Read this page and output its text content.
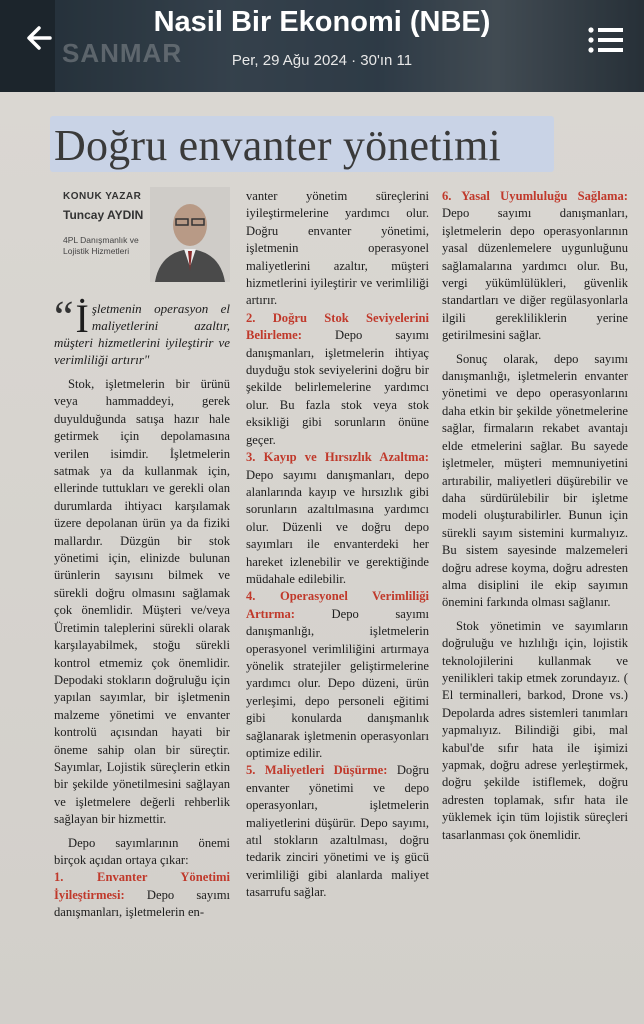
SANMAR
Nasil Bir Ekonomi (NBE)
Per, 29 Ağu 2024 · 30'ın 11
Doğru envanter yönetimi
KONUK YAZAR
Tuncay AYDIN
4PL Danışmanlık ve Lojistik Hizmetleri
“ İ şletmenin operasyon el maliyetlerini azaltır, müşteri hizmetlerini iyileştirir ve verimliliği artırır"

Stok, işletmelerin bir ürünü veya hammaddeyi, gerek duyulduğunda satışa hazır hale getirmek için depolamasına verilen isimdir. İşletmelerin satmak ya da kullanmak için, ellerinde tuttukları ve gerekli olan durumlarda ihtiyacı karşılamak üzere depolanan ürün ya da fiziki mallardır. Düzgün bir stok yönetimi için, elinizde bulunan ürünlerin sayısını bilmek ve sürekli doğru olmasını sağlamak çok önemlidir. Müşteri ve/veya Üretimin taleplerini sürekli olarak karşılayabilmek, stoğu sürekli kontrol etmemiz çok önemlidir. Depodaki stokların doğruluğu için yapılan sayımlar, bir işletmenin malzeme yönetimi ve envanter kontrolü açısından hayati bir öneme sahip olan bir süreçtir. Sayımlar, Lojistik süreçlerin etkin bir şekilde yönetilmesini sağlayan ve işletmelere değerli rehberlik sağlayan bir hizmettir.

Depo sayımlarının önemi birçok açıdan ortaya çıkar:

1. Envanter Yönetimi İyileştirmesi: Depo sayımı danışmanları, işletmelerin en-

vanter yönetim süreçlerini iyileştirmelerine yardımcı olur. Doğru envanter yönetimi, işletmenin operasyonel maliyetlerini azaltır, müşteri hizmetlerini iyileştirir ve verimliliği artırır.

2. Doğru Stok Seviyelerini Belirleme: Depo sayımı danışmanları, işletmelerin ihtiyaç duyduğu stok seviyelerini doğru bir şekilde belirlemelerine yardımcı olur. Bu fazla stok veya stok eksikliği gibi sorunların önüne geçer.

3. Kayıp ve Hırsızlık Azaltma: Depo sayımı danışmanları, depo alanlarında kayıp ve hırsızlık gibi sorunların azaltılmasına yardımcı olur. Düzenli ve doğru depo sayımları ile envanterdeki her hareket izlenebilir ve gerektiğinde müdahale edilebilir.

4. Operasyonel Verimliliği Artırma: Depo sayımı danışmanlığı, işletmelerin operasyonel verimliliğini artırmaya yönelik stratejiler geliştirmelerine yardımcı olur. Depo düzeni, ürün yerleşimi, depo personeli eğitimi gibi konularda danışmanlık sağlanarak işletmenin operasyonları optimize edilir.

5. Maliyetleri Düşürme: Doğru envanter yönetimi ve depo operasyonları, işletmelerin maliyetlerini düşürür. Depo sayımı, atıl stokların azaltılması, doğru tedarik zinciri yönetimi ve iş gücü verimliliği gibi alanlarda maliyet tasarrufu sağlar.

6. Yasal Uyumluluğu Sağlama: Depo sayımı danışmanları, işletmelerin depo operasyonlarının yasal düzenlemelere uygunluğunu sağlamalarına yardımcı olur. Bu, vergi yükümlülükleri, güvenlik standartları ve diğer regülasyonlarla ilgili gerekliliklerin yerine getirilmesini sağlar.

Sonuç olarak, depo sayımı danışmanlığı, işletmelerin envanter yönetimi ve depo operasyonlarını daha etkin bir şekilde yönetmelerine sağlar, firmaların rekabet avantajı elde etmelerini sağlar. Bu sayede işletmeler, müşteri memnuniyetini artırabilir, maliyetleri düşürebilir ve daha sürdürülebilir bir işletme modeli oluşturabilirler. Bunun için sürekli sayım sistemini kurmalıyız. Bu sistem sayesinde malzemeleri doğru adrese koyma, doğru adresten alma disiplini ile ekip sayımın önemini farkında olması sağlanır.

Stok yönetimin ve sayımların doğruluğu ve hızlılığı için, lojistik teknolojilerini kullanmak ve yenilikleri takip etmek zorundayız. ( El terminalleri, barkod, Drone vs.) Depolarda adres sistemleri tanımları yapmalıyız. Bilindiği gibi, mal kabul'de sıfır hata ile işimizi yapmak, doğru adrese yerleştirmek, doğru şekilde istiflemek, doğru adresten toplamak, sıfır hata ile yüklemek için tüm lojistik süreçleri tasarlanması çok önemlidir.
